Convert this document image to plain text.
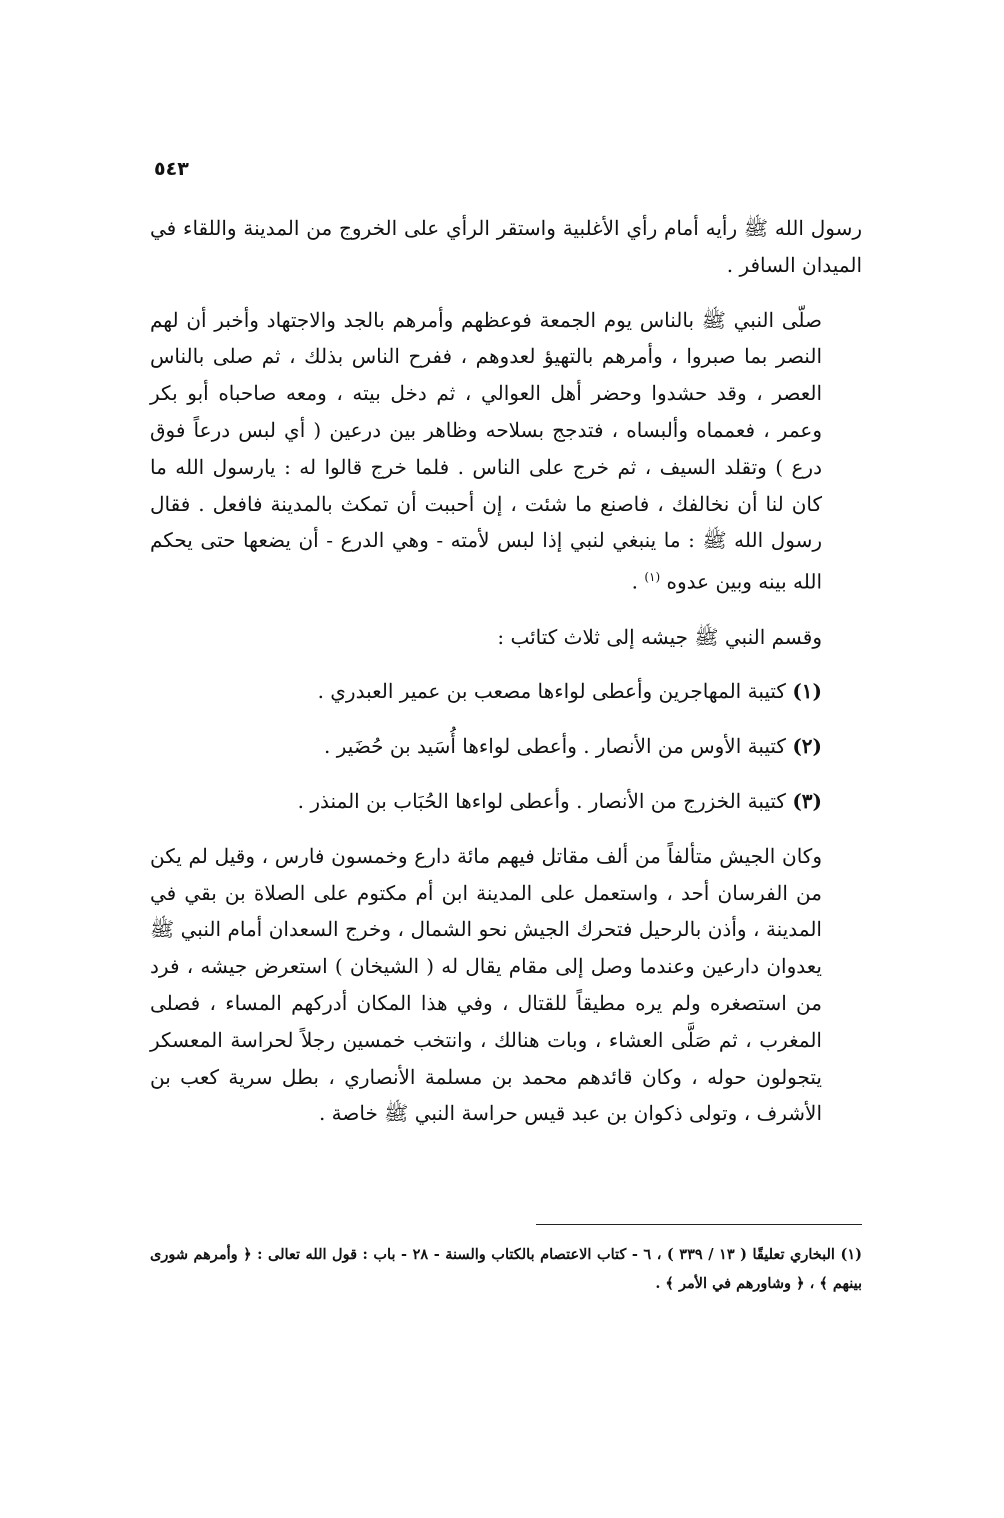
٥٤٣

رسول الله ﷺ رأيه أمام رأي الأغلبية واستقر الرأي على الخروج من المدينة واللقاء في الميدان السافر .

صلّى النبي ﷺ بالناس يوم الجمعة فوعظهم وأمرهم بالجد والاجتهاد وأخبر أن لهم النصر بما صبروا ، وأمرهم بالتهيؤ لعدوهم ، ففرح الناس بذلك ، ثم صلى بالناس العصر ، وقد حشدوا وحضر أهل العوالي ، ثم دخل بيته ، ومعه صاحباه أبو بكر وعمر ، فعمماه وألبساه ، فتدجج بسلاحه وظاهر بين درعين ( أي لبس درعاً فوق درع ) وتقلد السيف ، ثم خرج على الناس . فلما خرج قالوا له : يارسول الله ما كان لنا أن نخالفك ، فاصنع ما شئت ، إن أحببت أن تمكث بالمدينة فافعل . فقال رسول الله ﷺ : ما ينبغي لنبي إذا لبس لأمته - وهي الدرع - أن يضعها حتى يحكم الله بينه وبين عدوه $^{(١)}$ .

وقسم النبي ﷺ جيشه إلى ثلاث كتائب :

(١) كتيبة المهاجرين وأعطى لواءها مصعب بن عمير العبدري .
(٢) كتيبة الأوس من الأنصار . وأعطى لواءها أُسَيد بن حُضَير .
(٣) كتيبة الخزرج من الأنصار . وأعطى لواءها الحُبَاب بن المنذر .

وكان الجيش متألفاً من ألف مقاتل فيهم مائة دارع وخمسون فارس ، وقيل لم يكن من الفرسان أحد ، واستعمل على المدينة ابن أم مكتوم على الصلاة بن بقي في المدينة ، وأذن بالرحيل فتحرك الجيش نحو الشمال ، وخرج السعدان أمام النبي ﷺ يعدوان دارعين وعندما وصل إلى مقام يقال له ( الشيخان ) استعرض جيشه ، فرد من استصغره ولم يره مطيقاً للقتال ، وفي هذا المكان أدركهم المساء ، فصلى المغرب ، ثم صَلَّى العشاء ، وبات هنالك ، وانتخب خمسين رجلاً لحراسة المعسكر يتجولون حوله ، وكان قائدهم محمد بن مسلمة الأنصاري ، بطل سرية كعب بن الأشرف ، وتولى ذكوان بن عبد قيس حراسة النبي ﷺ خاصة .

(١) البخاري تعليقًا ( ١٣ / ٣٣٩ ) ، ٦ - كتاب الاعتصام بالكتاب والسنة - ٢٨ - باب : قول الله تعالى : ﴿ وأمرهم شورى بينهم ﴾ ، ﴿ وشاورهم في الأمر ﴾ .
